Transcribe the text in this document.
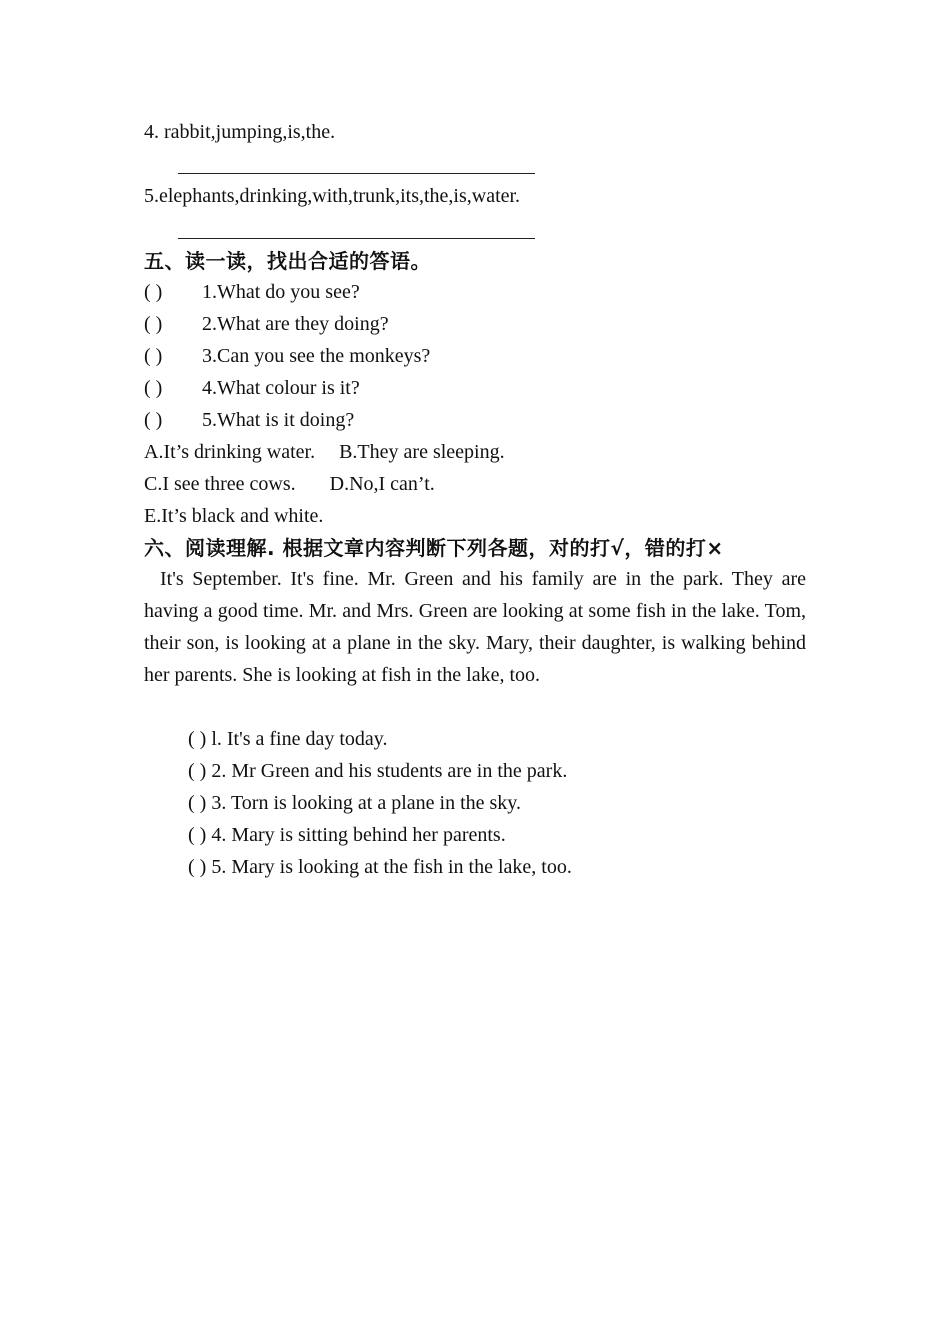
4. rabbit,jumping,is,the.
5.elephants,drinking,with,trunk,its,the,is,water.
五、读一读，找出合适的答语。
( ) 1.What do you see?
( ) 2.What are they doing?
( ) 3.Can you see the monkeys?
( ) 4.What colour is it?
( ) 5.What is it doing?
A.It’s drinking water. B.They are sleeping.
C.I see three cows. D.No,I can’t.
E.It’s black and white.
六、阅读理解. 根据文章内容判断下列各题，对的打√，错的打×
It's September. It's fine. Mr. Green and his family are in the park. They are having a good time. Mr. and Mrs. Green are looking at some fish in the lake. Tom, their son, is looking at a plane in the sky. Mary, their daughter, is walking behind her parents. She is looking at fish in the lake, too.
( ) l. It's a fine day today.
( ) 2. Mr Green and his students are in the park.
( ) 3. Torn is looking at a plane in the sky.
( ) 4. Mary is sitting behind her parents.
( ) 5. Mary is looking at the fish in the lake, too.
